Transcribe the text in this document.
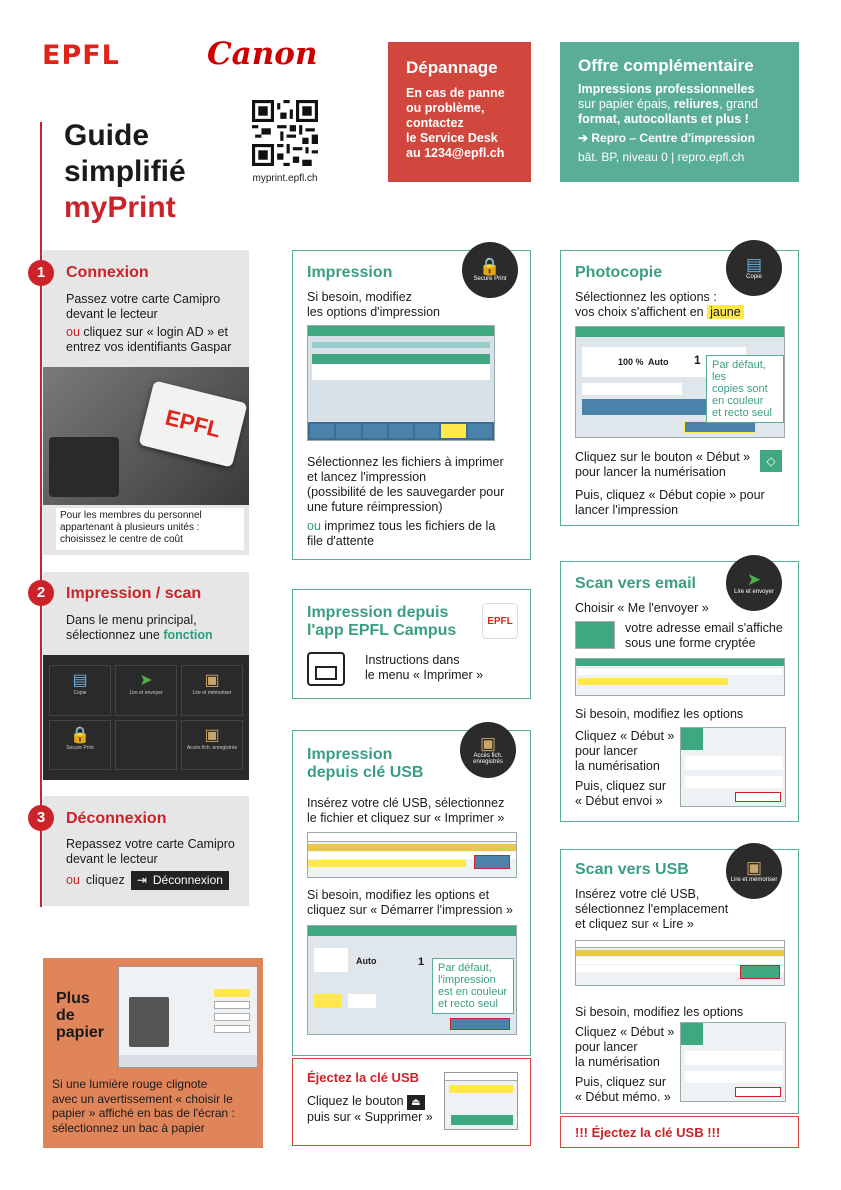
EPFL	Canon
myprint.epfl.ch
Guide
simplifié
myPrint
Dépannage

En cas de panne

ou problème,

contactez

le Service Desk

au 1234@epfl.ch

Offre complémentaire

Impressions professionnelles

sur papier épais, reliures, grand

format, autocollants et plus !

➔ Repro – Centre d'impression

bât. BP, niveau 0 | repro.epfl.ch

1	Connexion
Passez votre carte Camipro
devant le lecteur
ou cliquez sur « login AD » et
entrez vos identifiants Gaspar
EPFL
Pour les membres du personnel
appartenant à plusieurs unités :
choisissez le centre de coût
2	Impression / scan
Dans le menu principal,
sélectionnez une fonction
▤
Copie
➤
Lire et envoyer
▣
Lire et mémoriser
🔒
Secure Print
▣
Accès fich. enregistrés
3	Déconnexion
Repassez votre carte Camipro
devant le lecteur
ou cliquez ⇥ Déconnexion
Plus
de
papier
Si une lumière rouge clignote
avec un avertissement « choisir le
papier » affiché en bas de l'écran :
sélectionnez un bac à papier
Impression	🔒
Secure Print
Si besoin, modifiez
les options d'impression
Sélectionnez les fichiers à imprimer
et lancez l'impression
(possibilité de les sauvegarder pour
une future réimpression)
ou imprimez tous les fichiers de la
file d'attente
Impression depuis
l'app EPFL Campus
EPFL
Instructions dans
le menu « Imprimer »
Impression
depuis clé USB
▣
Accès fich. enregistrés
Insérez votre clé USB, sélectionnez
le fichier et cliquez sur « Imprimer »
Si besoin, modifiez les options et
cliquez sur « Démarrer l'impression »
Auto	1 Par défaut,
l'impression
est en couleur
et recto seul
Éjectez la clé USB
Cliquez le bouton ⏏
puis sur « Supprimer »
Photocopie	▤
Copie
Sélectionnez les options :
vos choix s'affichent en jaune
100 % Auto 1 Par défaut, les
copies sont
en couleur
et recto seul
Cliquez sur le bouton « Début »
pour lancer la numérisation
◇
Puis, cliquez « Début copie » pour
lancer l'impression
Scan vers email	➤
Lire et envoyer
Choisir « Me l'envoyer »
votre adresse email s'affiche
sous une forme cryptée
Si besoin, modifiez les options
Cliquez « Début »
pour lancer
la numérisation
Puis, cliquez sur
« Début envoi »
Scan vers USB	▣
Lire et mémoriser
Insérez votre clé USB,
sélectionnez l'emplacement
et cliquez sur « Lire »
Si besoin, modifiez les options
Cliquez « Début »
pour lancer
la numérisation
Puis, cliquez sur
« Début mémo. »
!!! Éjectez la clé USB !!!
